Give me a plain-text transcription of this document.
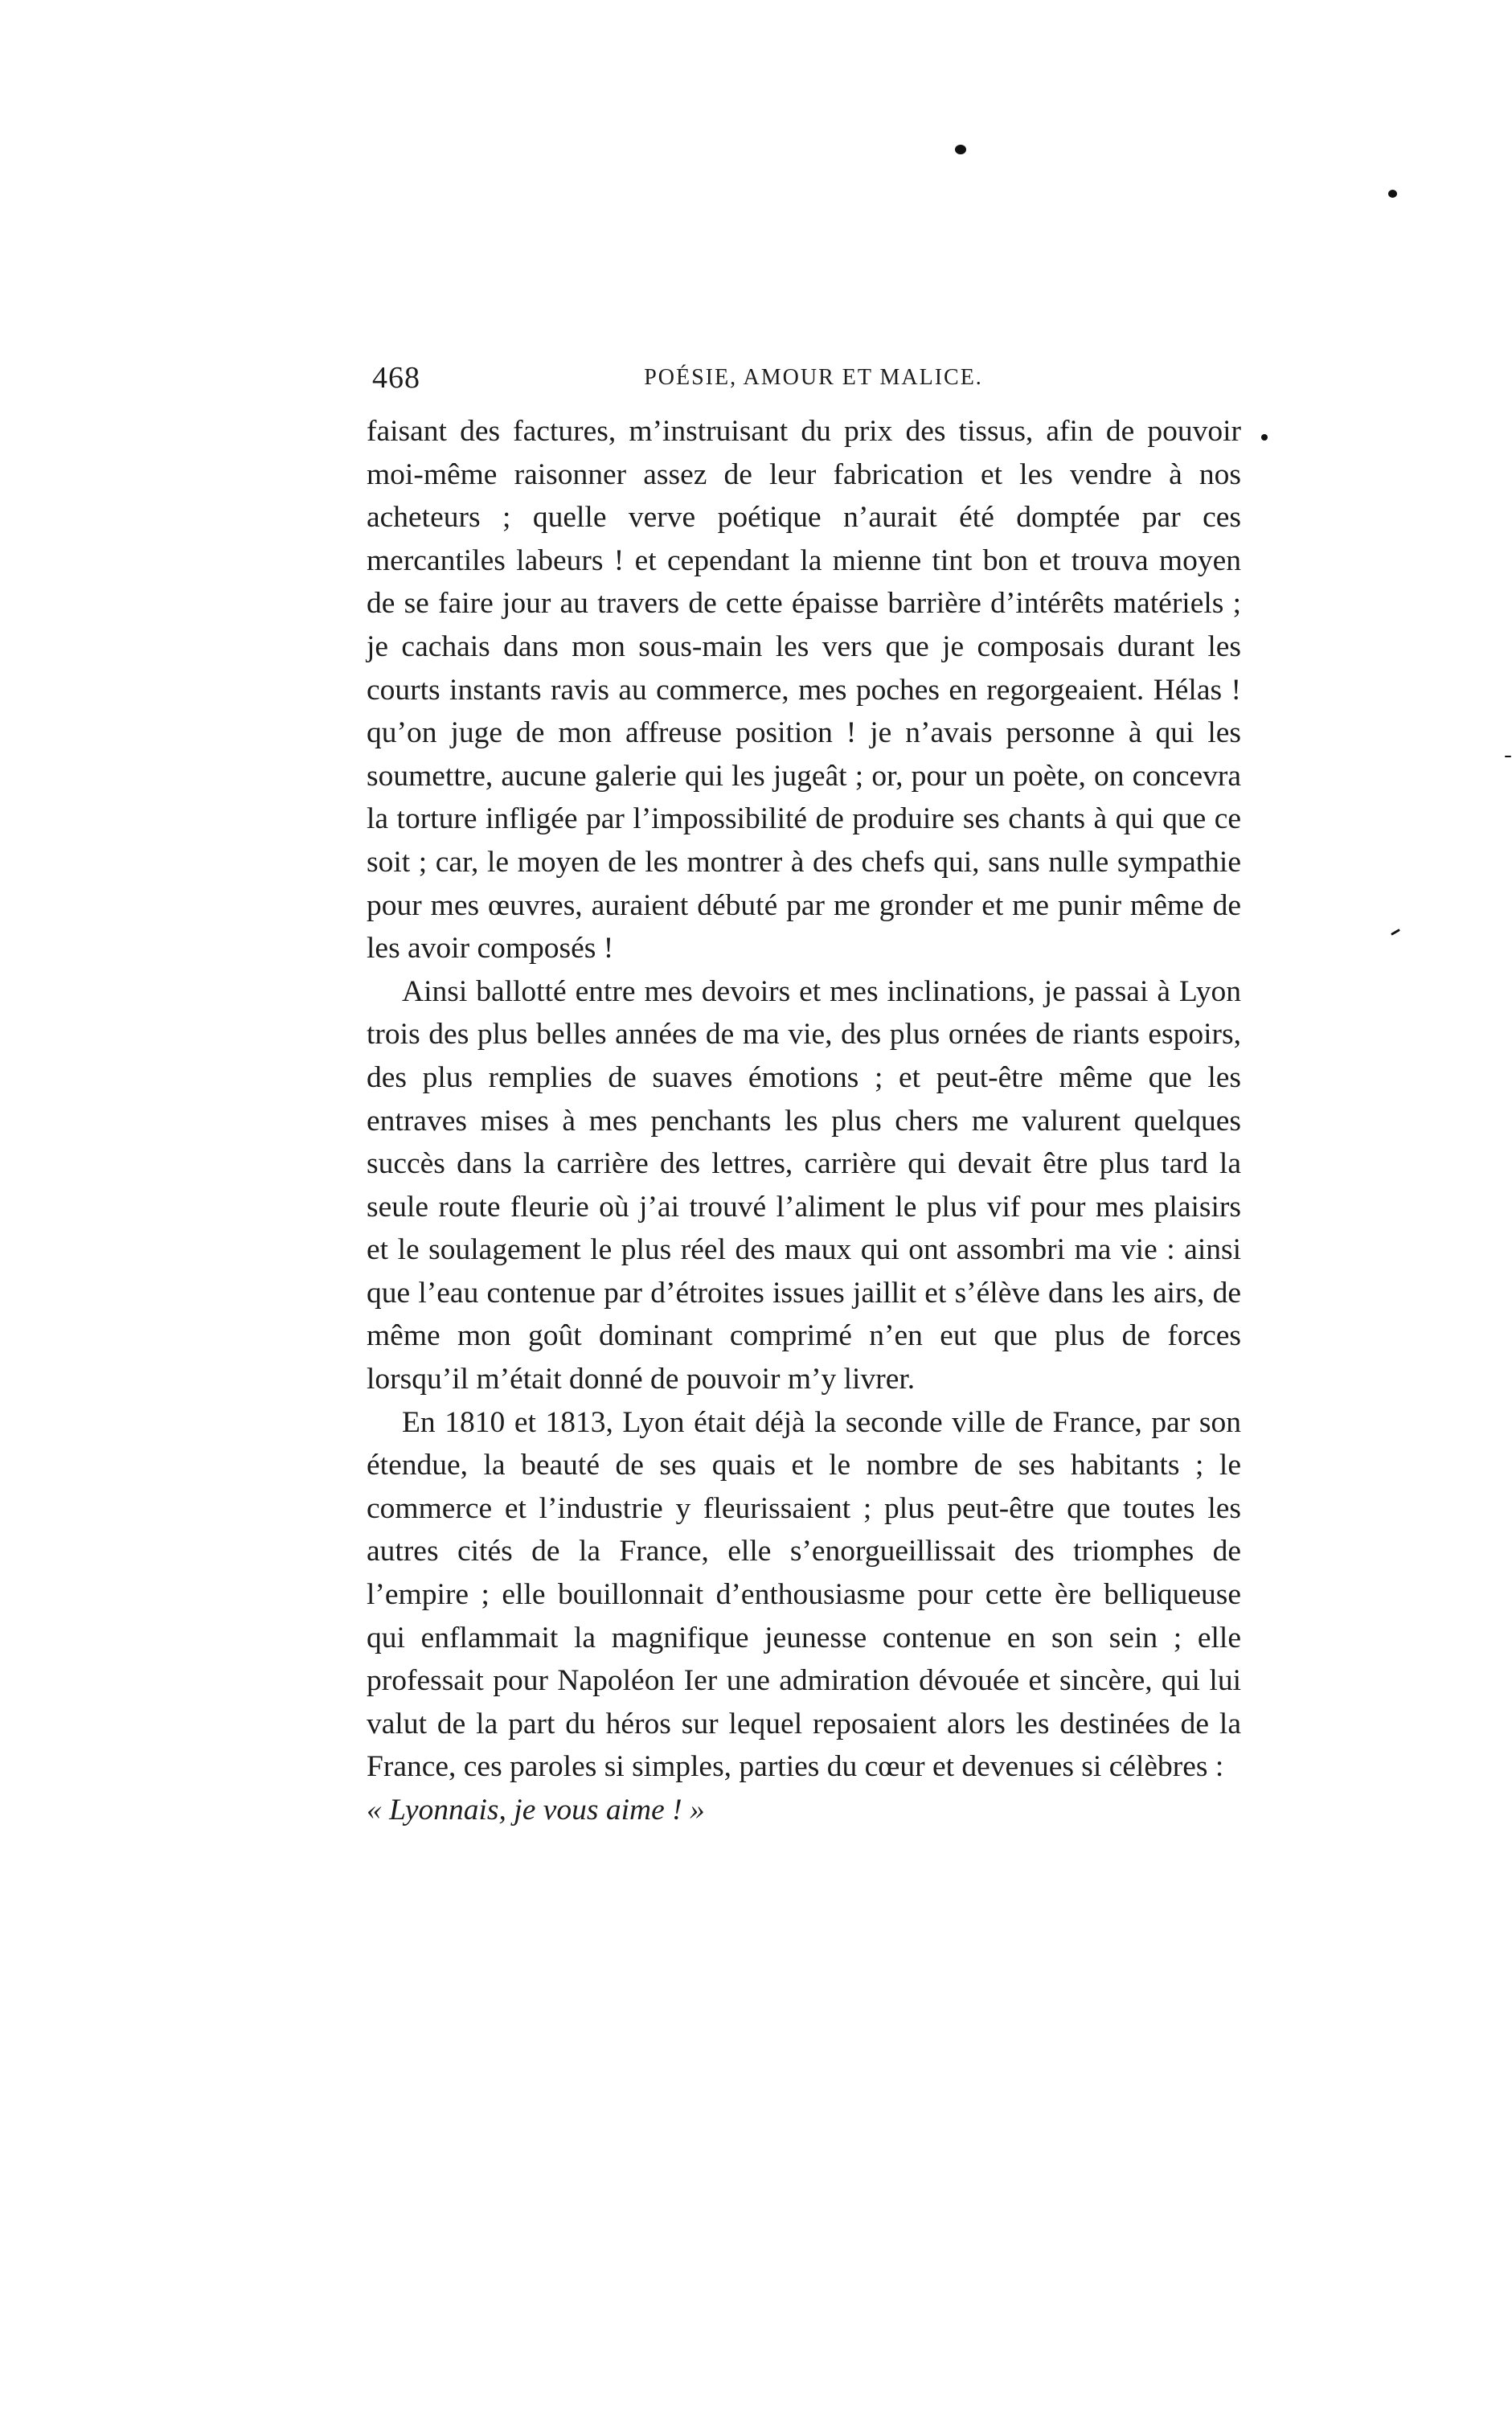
468	POÉSIE, AMOUR ET MALICE.

faisant des factures, m’instruisant du prix des tissus, afin de pouvoir moi-même raisonner assez de leur fabrication et les vendre à nos acheteurs ; quelle verve poétique n’aurait été domptée par ces mercantiles labeurs ! et cependant la mienne tint bon et trouva moyen de se faire jour au travers de cette épaisse barrière d’intérêts matériels ; je cachais dans mon sous-main les vers que je composais durant les courts instants ravis au commerce, mes poches en regorgeaient. Hélas ! qu’on juge de mon affreuse position ! je n’avais personne à qui les soumettre, aucune galerie qui les jugeât ; or, pour un poète, on concevra la torture infligée par l’impossibilité de produire ses chants à qui que ce soit ; car, le moyen de les montrer à des chefs qui, sans nulle sympathie pour mes œuvres, auraient débuté par me gronder et me punir même de les avoir composés !

Ainsi ballotté entre mes devoirs et mes inclinations, je passai à Lyon trois des plus belles années de ma vie, des plus ornées de riants espoirs, des plus remplies de suaves émotions ; et peut-être même que les entraves mises à mes penchants les plus chers me valurent quelques succès dans la carrière des lettres, carrière qui devait être plus tard la seule route fleurie où j’ai trouvé l’aliment le plus vif pour mes plaisirs et le soulagement le plus réel des maux qui ont assombri ma vie : ainsi que l’eau contenue par d’étroites issues jaillit et s’élève dans les airs, de même mon goût dominant comprimé n’en eut que plus de forces lorsqu’il m’était donné de pouvoir m’y livrer.

En 1810 et 1813, Lyon était déjà la seconde ville de France, par son étendue, la beauté de ses quais et le nombre de ses habitants ; le commerce et l’industrie y fleurissaient ; plus peut-être que toutes les autres cités de la France, elle s’enorgueillissait des triomphes de l’empire ; elle bouillonnait d’enthousiasme pour cette ère belliqueuse qui enflammait la magnifique jeunesse contenue en son sein ; elle professait pour Napoléon Ier une admiration dévouée et sincère, qui lui valut de la part du héros sur lequel reposaient alors les destinées de la France, ces paroles si simples, parties du cœur et devenues si célèbres :

« Lyonnais, je vous aime ! »
